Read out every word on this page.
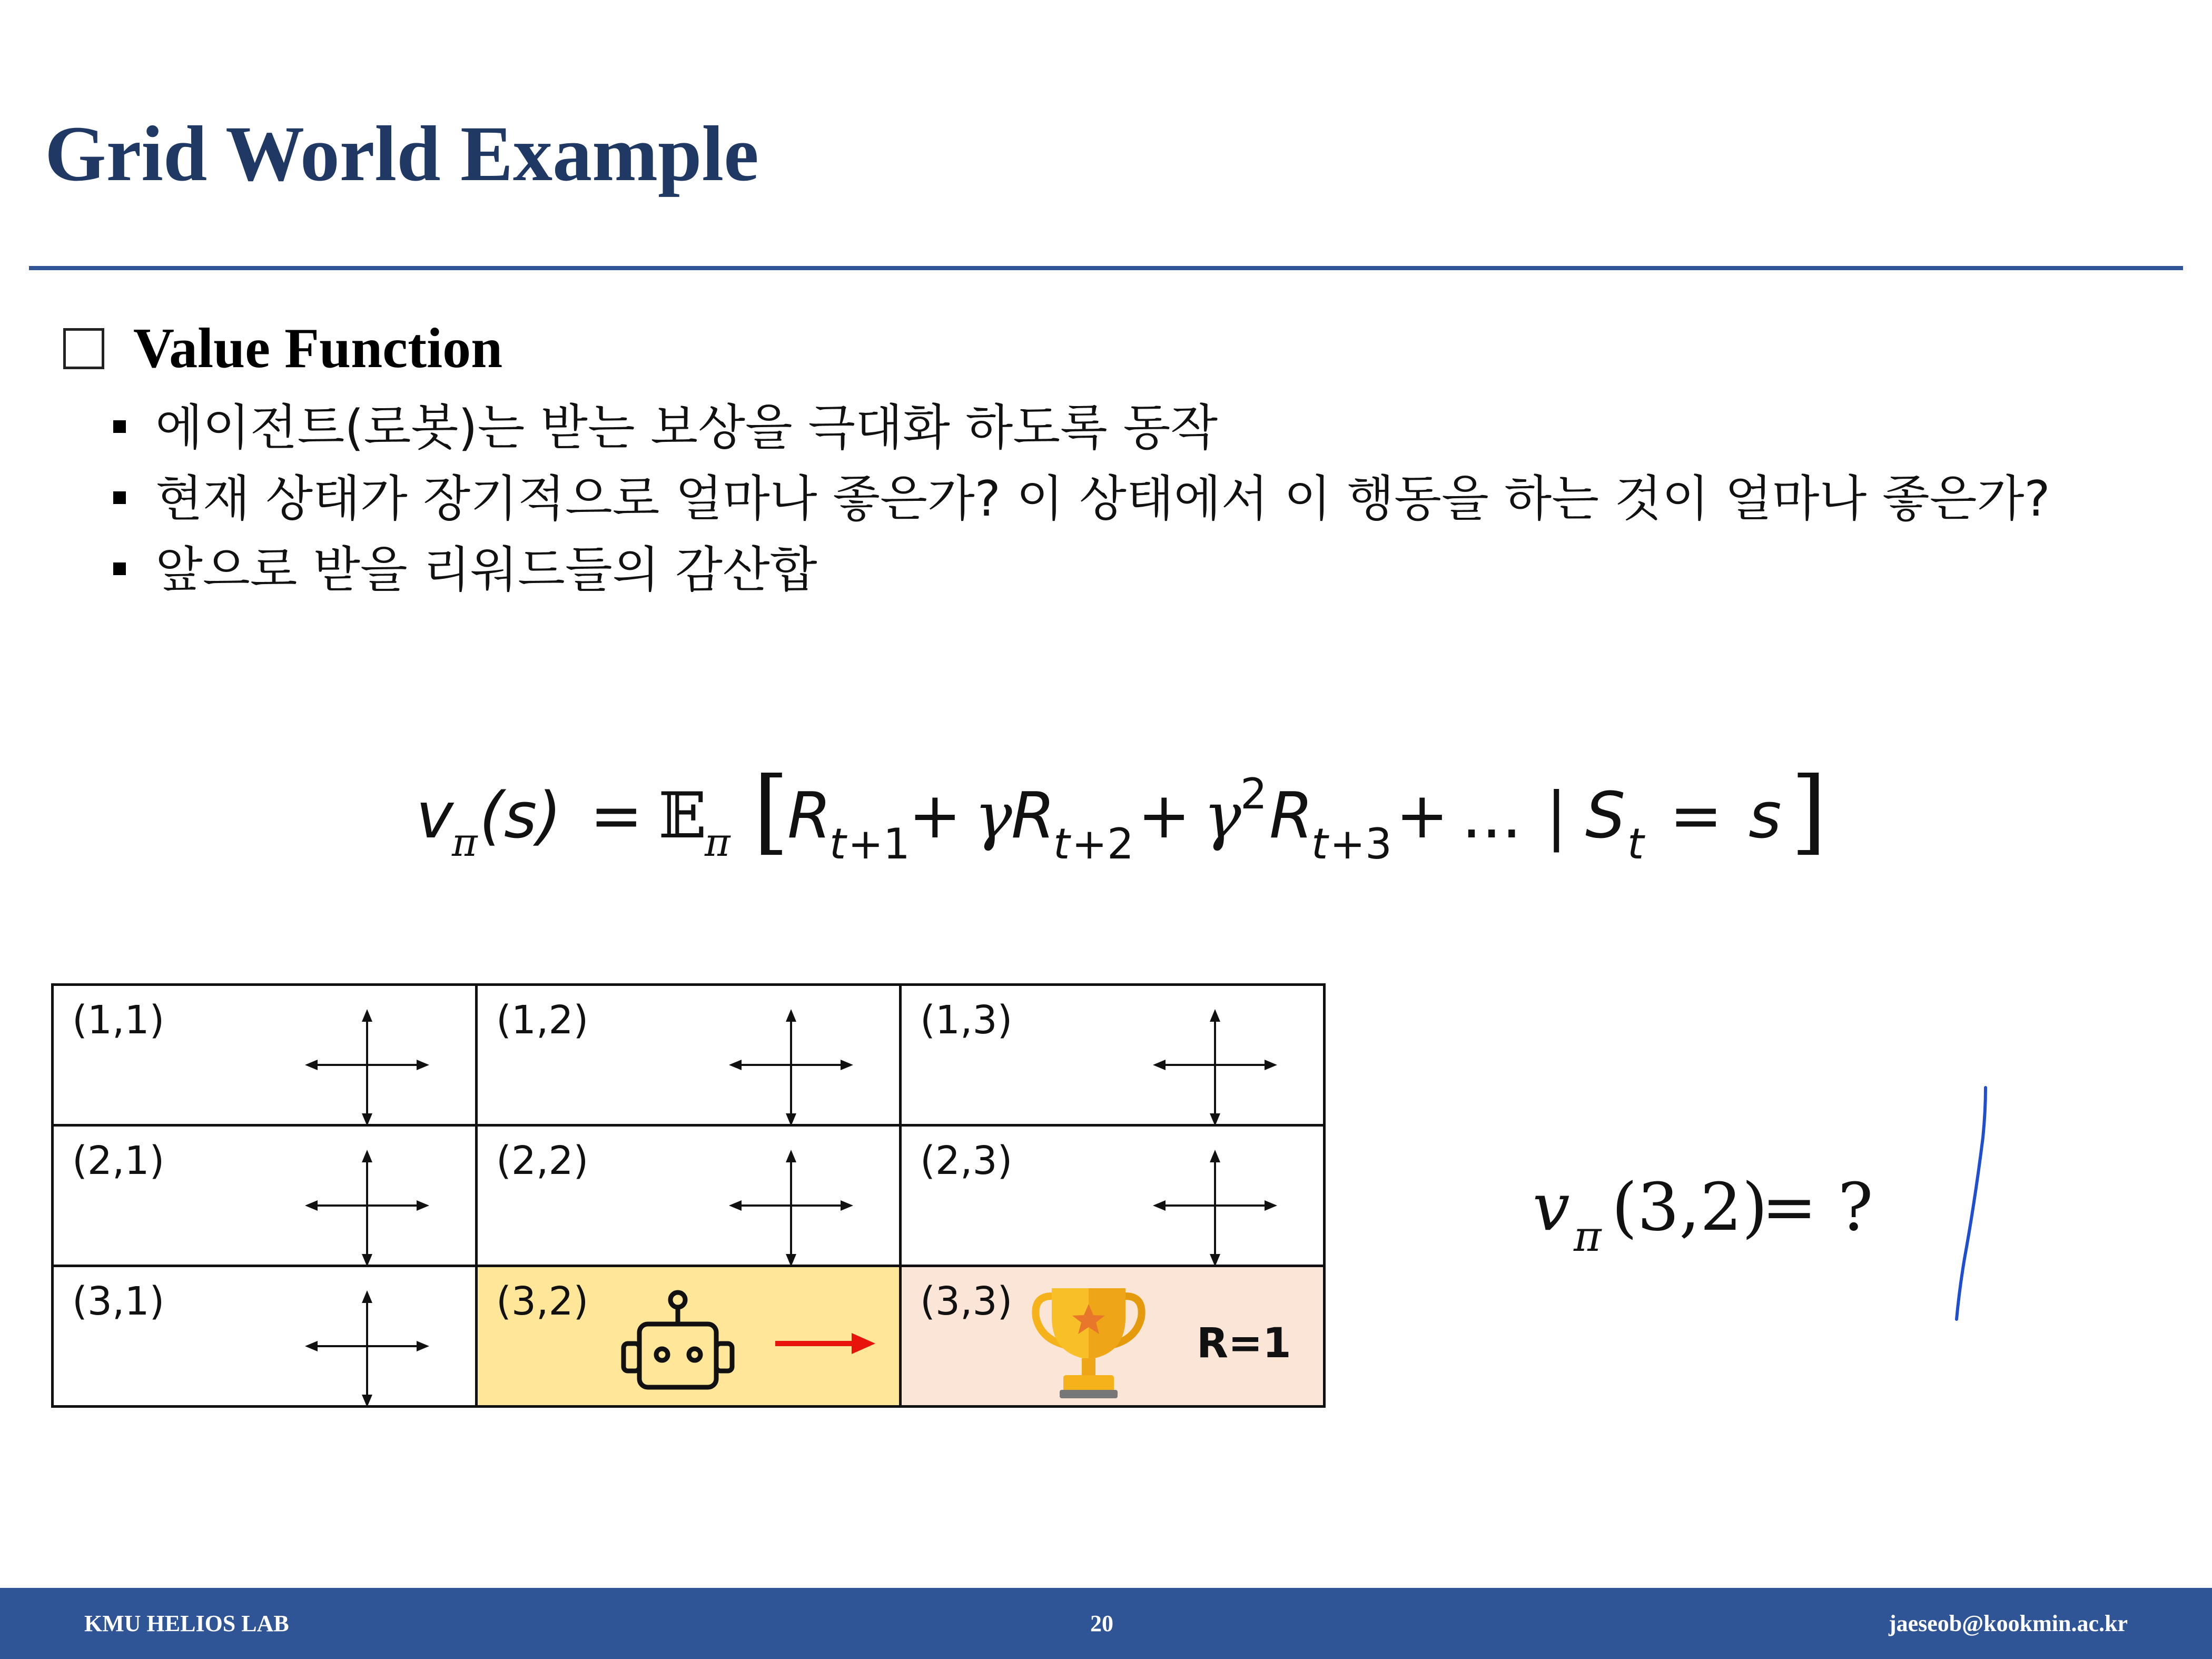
Grid World Example
Value Function
에이전트(로봇)는 받는 보상을 극대화 하도록 동작
현재 상태가 장기적으로 얼마나 좋은가? 이 상태에서 이 행동을 하는 것이 얼마나 좋은가?
앞으로 받을 리워드들의 감산합
v
π (s) = 𝔼
π [
R
t +1
+ γ
R
t +2 + γ
2 R
t +3 + ... | S t = s ]
(1,1)	(1,2)	(1,3)

(2,1)	(2,2)	(2,3)

(3,1)	(3,2)	(3,3)
R=1
v π (3,2)
= ?
KMU HELIOS LAB	20	jaeseob@kookmin.ac.kr
